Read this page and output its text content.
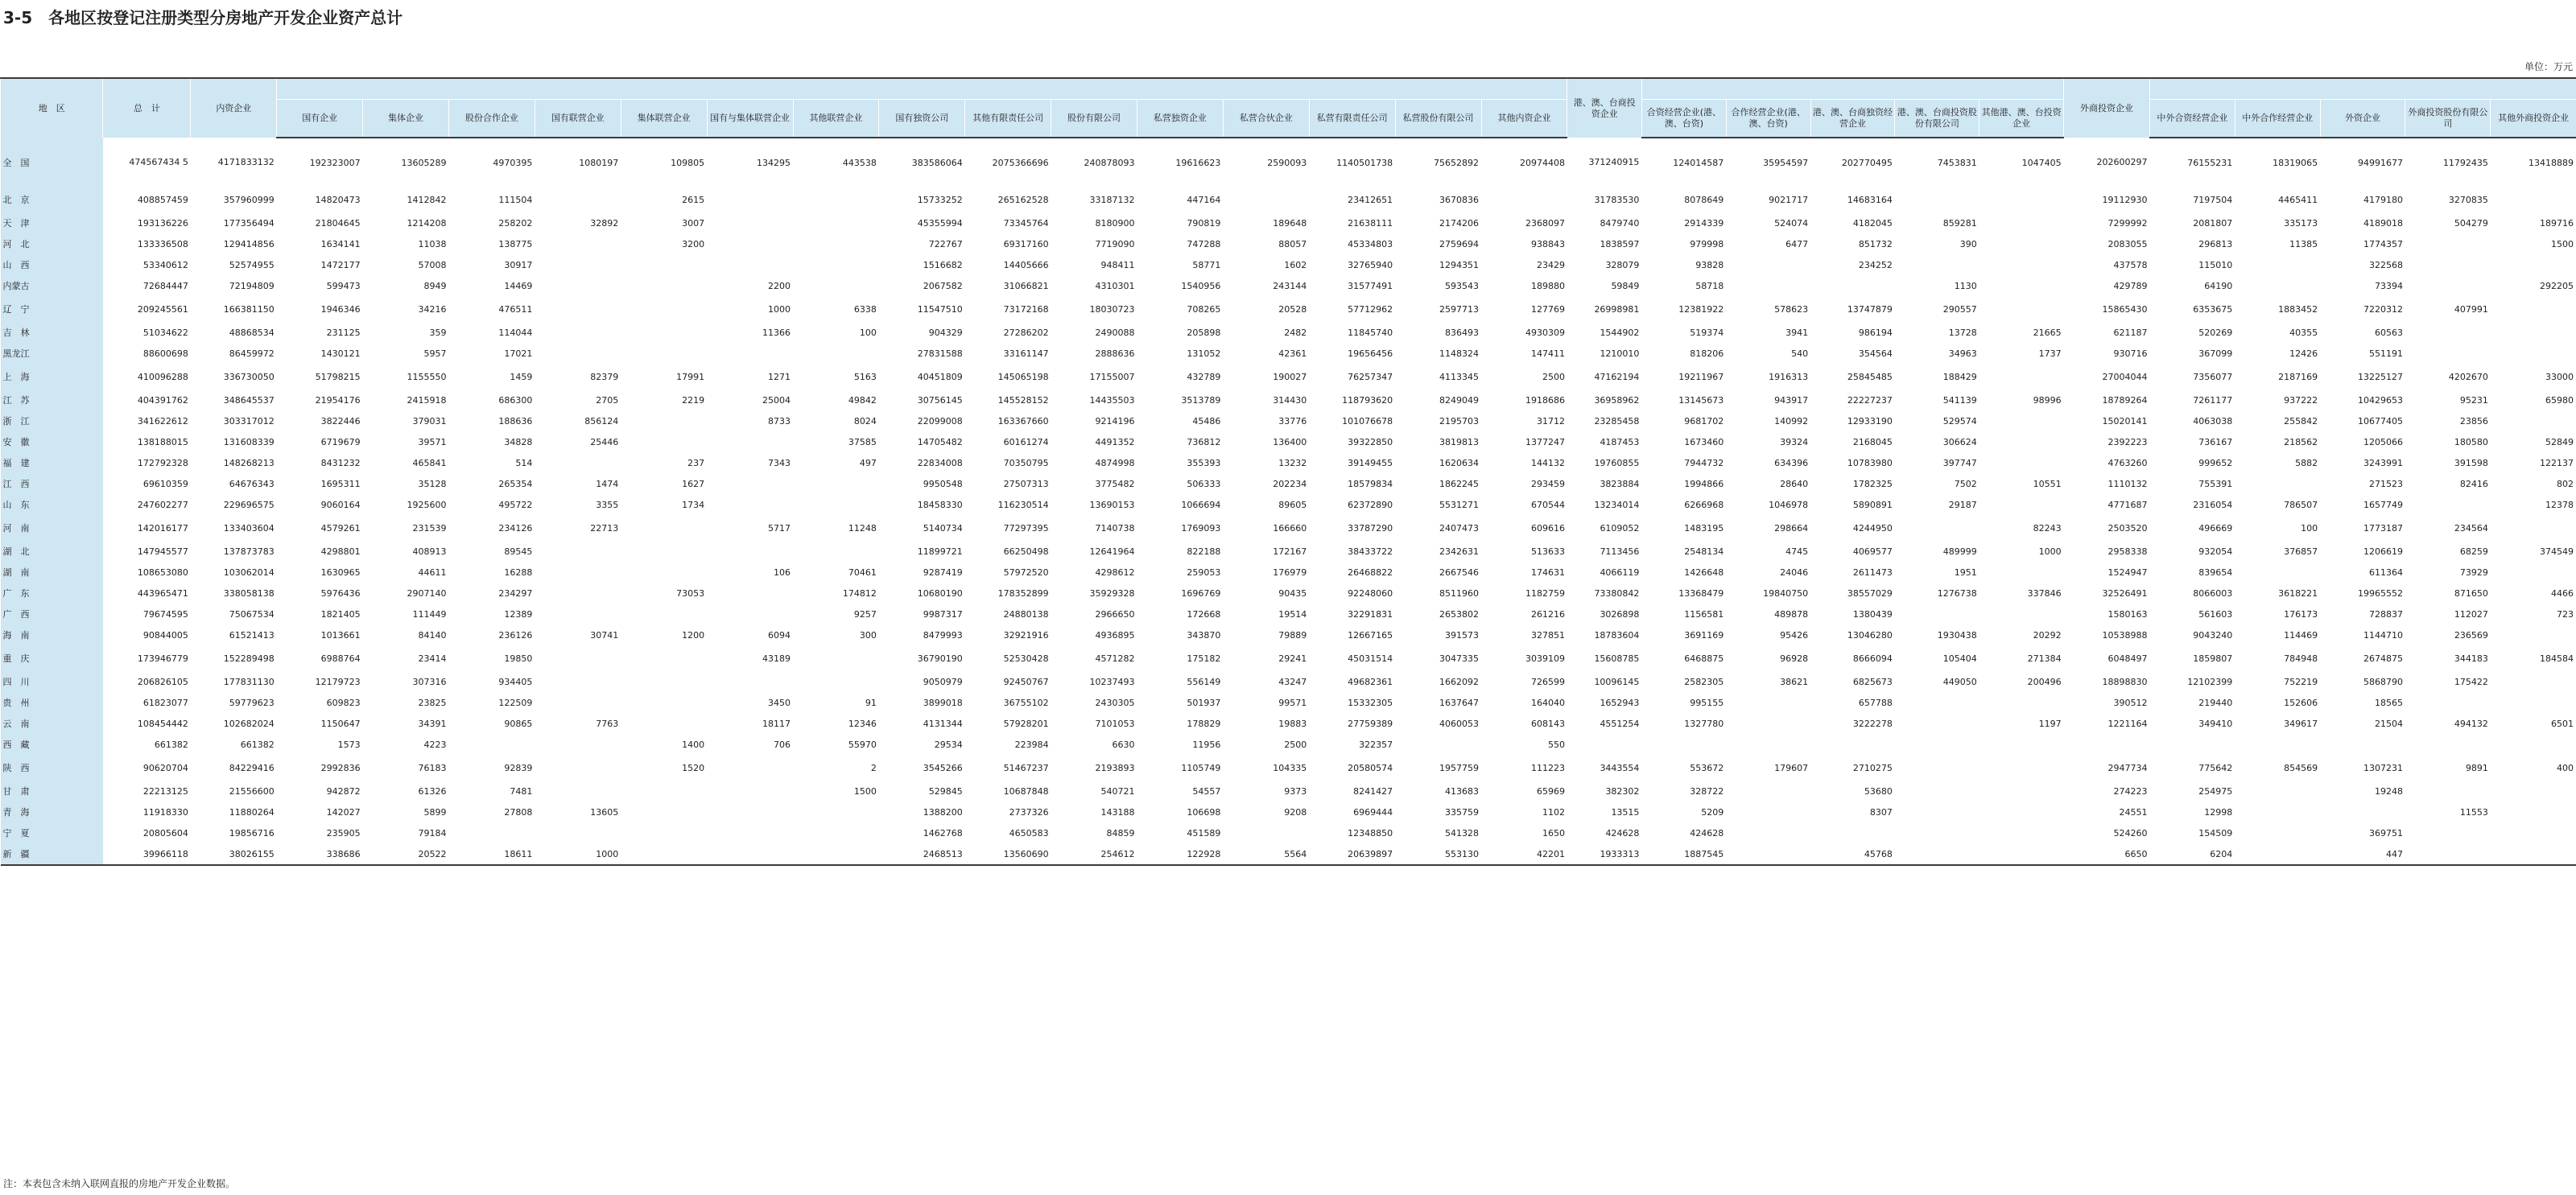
3-5　各地区按登记注册类型分房地产开发企业资产总计
单位：万元
地　区	总　计	内资企业																港、澳、台商投资企业						外商投资企业					
			国有企业	集体企业	股份合作企业	国有联营企业	集体联营企业	国有与集体联营企业	其他联营企业	国有独资公司	其他有限责任公司	股份有限公司	私营独资企业	私营合伙企业	私营有限责任公司	私营股份有限公司	其他内资企业		合资经营企业(港、澳、台资)	合作经营企业(港、澳、台资)	港、澳、台商独资经营企业	港、澳、台商投资股份有限公司	其他港、澳、台投资企业		中外合资经营企业	中外合作经营企业	外资企业	外商投资股份有限公司	其他外商投资企业
全　国	474567434 5	4171833132	192323007	13605289	4970395	1080197	109805	134295	443538	383586064	2075366696	240878093	19616623	2590093	1140501738	75652892	20974408	371240915	124014587	35954597	202770495	7453831	1047405	202600297	76155231	18319065	94991677	11792435	13418889
北　京	408857459	357960999	14820473	1412842	111504		2615			15733252	265162528	33187132	447164		23412651	3670836		31783530	8078649	9021717	14683164			19112930	7197504	4465411	4179180	3270835	
天　津	193136226	177356494	21804645	1214208	258202	32892	3007			45355994	73345764	8180900	790819	189648	21638111	2174206	2368097	8479740	2914339	524074	4182045	859281		7299992	2081807	335173	4189018	504279	189716
河　北	133336508	129414856	1634141	11038	138775		3200			722767	69317160	7719090	747288	88057	45334803	2759694	938843	1838597	979998	6477	851732	390		2083055	296813	11385	1774357		1500
山　西	53340612	52574955	1472177	57008	30917					1516682	14405666	948411	58771	1602	32765940	1294351	23429	328079	93828		234252			437578	115010		322568		
内蒙古	72684447	72194809	599473	8949	14469			2200		2067582	31066821	4310301	1540956	243144	31577491	593543	189880	59849	58718			1130		429789	64190		73394		292205
辽　宁	209245561	166381150	1946346	34216	476511			1000	6338	11547510	73172168	18030723	708265	20528	57712962	2597713	127769	26998981	12381922	578623	13747879	290557		15865430	6353675	1883452	7220312	407991	
吉　林	51034622	48868534	231125	359	114044			11366	100	904329	27286202	2490088	205898	2482	11845740	836493	4930309	1544902	519374	3941	986194	13728	21665	621187	520269	40355	60563		
黑龙江	88600698	86459972	1430121	5957	17021					27831588	33161147	2888636	131052	42361	19656456	1148324	147411	1210010	818206	540	354564	34963	1737	930716	367099	12426	551191		
上　海	410096288	336730050	51798215	1155550	1459	82379	17991	1271	5163	40451809	145065198	17155007	432789	190027	76257347	4113345	2500	47162194	19211967	1916313	25845485	188429		27004044	7356077	2187169	13225127	4202670	33000
江　苏	404391762	348645537	21954176	2415918	686300	2705	2219	25004	49842	30756145	145528152	14435503	3513789	314430	118793620	8249049	1918686	36958962	13145673	943917	22227237	541139	98996	18789264	7261177	937222	10429653	95231	65980
浙　江	341622612	303317012	3822446	379031	188636	856124		8733	8024	22099008	163367660	9214196	45486	33776	101076678	2195703	31712	23285458	9681702	140992	12933190	529574		15020141	4063038	255842	10677405	23856	
安　徽	138188015	131608339	6719679	39571	34828	25446			37585	14705482	60161274	4491352	736812	136400	39322850	3819813	1377247	4187453	1673460	39324	2168045	306624		2392223	736167	218562	1205066	180580	52849
福　建	172792328	148268213	8431232	465841	514		237	7343	497	22834008	70350795	4874998	355393	13232	39149455	1620634	144132	19760855	7944732	634396	10783980	397747		4763260	999652	5882	3243991	391598	122137
江　西	69610359	64676343	1695311	35128	265354	1474	1627			9950548	27507313	3775482	506333	202234	18579834	1862245	293459	3823884	1994866	28640	1782325	7502	10551	1110132	755391		271523	82416	802
山　东	247602277	229696575	9060164	1925600	495722	3355	1734			18458330	116230514	13690153	1066694	89605	62372890	5531271	670544	13234014	6266968	1046978	5890891	29187		4771687	2316054	786507	1657749		12378
河　南	142016177	133403604	4579261	231539	234126	22713		5717	11248	5140734	77297395	7140738	1769093	166660	33787290	2407473	609616	6109052	1483195	298664	4244950		82243	2503520	496669	100	1773187	234564	
湖　北	147945577	137873783	4298801	408913	89545					11899721	66250498	12641964	822188	172167	38433722	2342631	513633	7113456	2548134	4745	4069577	489999	1000	2958338	932054	376857	1206619	68259	374549
湖　南	108653080	103062014	1630965	44611	16288			106	70461	9287419	57972520	4298612	259053	176979	26468822	2667546	174631	4066119	1426648	24046	2611473	1951		1524947	839654		611364	73929	
广　东	443965471	338058138	5976436	2907140	234297		73053		174812	10680190	178352899	35929328	1696769	90435	92248060	8511960	1182759	73380842	13368479	19840750	38557029	1276738	337846	32526491	8066003	3618221	19965552	871650	4466
广　西	79674595	75067534	1821405	111449	12389				9257	9987317	24880138	2966650	172668	19514	32291831	2653802	261216	3026898	1156581	489878	1380439			1580163	561603	176173	728837	112027	723
海　南	90844005	61521413	1013661	84140	236126	30741	1200	6094	300	8479993	32921916	4936895	343870	79889	12667165	391573	327851	18783604	3691169	95426	13046280	1930438	20292	10538988	9043240	114469	1144710	236569	
重　庆	173946779	152289498	6988764	23414	19850			43189		36790190	52530428	4571282	175182	29241	45031514	3047335	3039109	15608785	6468875	96928	8666094	105404	271384	6048497	1859807	784948	2674875	344183	184584
四　川	206826105	177831130	12179723	307316	934405					9050979	92450767	10237493	556149	43247	49682361	1662092	726599	10096145	2582305	38621	6825673	449050	200496	18898830	12102399	752219	5868790	175422	
贵　州	61823077	59779623	609823	23825	122509			3450	91	3899018	36755102	2430305	501937	99571	15332305	1637647	164040	1652943	995155		657788			390512	219440	152606	18565		
云　南	108454442	102682024	1150647	34391	90865	7763		18117	12346	4131344	57928201	7101053	178829	19883	27759389	4060053	608143	4551254	1327780		3222278		1197	1221164	349410	349617	21504	494132	6501
西　藏	661382	661382	1573	4223			1400	706	55970	29534	223984	6630	11956	2500	322357		550												
陕　西	90620704	84229416	2992836	76183	92839		1520		2	3545266	51467237	2193893	1105749	104335	20580574	1957759	111223	3443554	553672	179607	2710275			2947734	775642	854569	1307231	9891	400
甘　肃	22213125	21556600	942872	61326	7481				1500	529845	10687848	540721	54557	9373	8241427	413683	65969	382302	328722		53680			274223	254975		19248		
青　海	11918330	11880264	142027	5899	27808	13605				1388200	2737326	143188	106698	9208	6969444	335759	1102	13515	5209		8307			24551	12998			11553	
宁　夏	20805604	19856716	235905	79184						1462768	4650583	84859	451589		12348850	541328	1650	424628	424628					524260	154509		369751		
新　疆	39966118	38026155	338686	20522	18611	1000				2468513	13560690	254612	122928	5564	20639897	553130	42201	1933313	1887545		45768			6650	6204		447		
注：本表包含未纳入联网直报的房地产开发企业数据。
